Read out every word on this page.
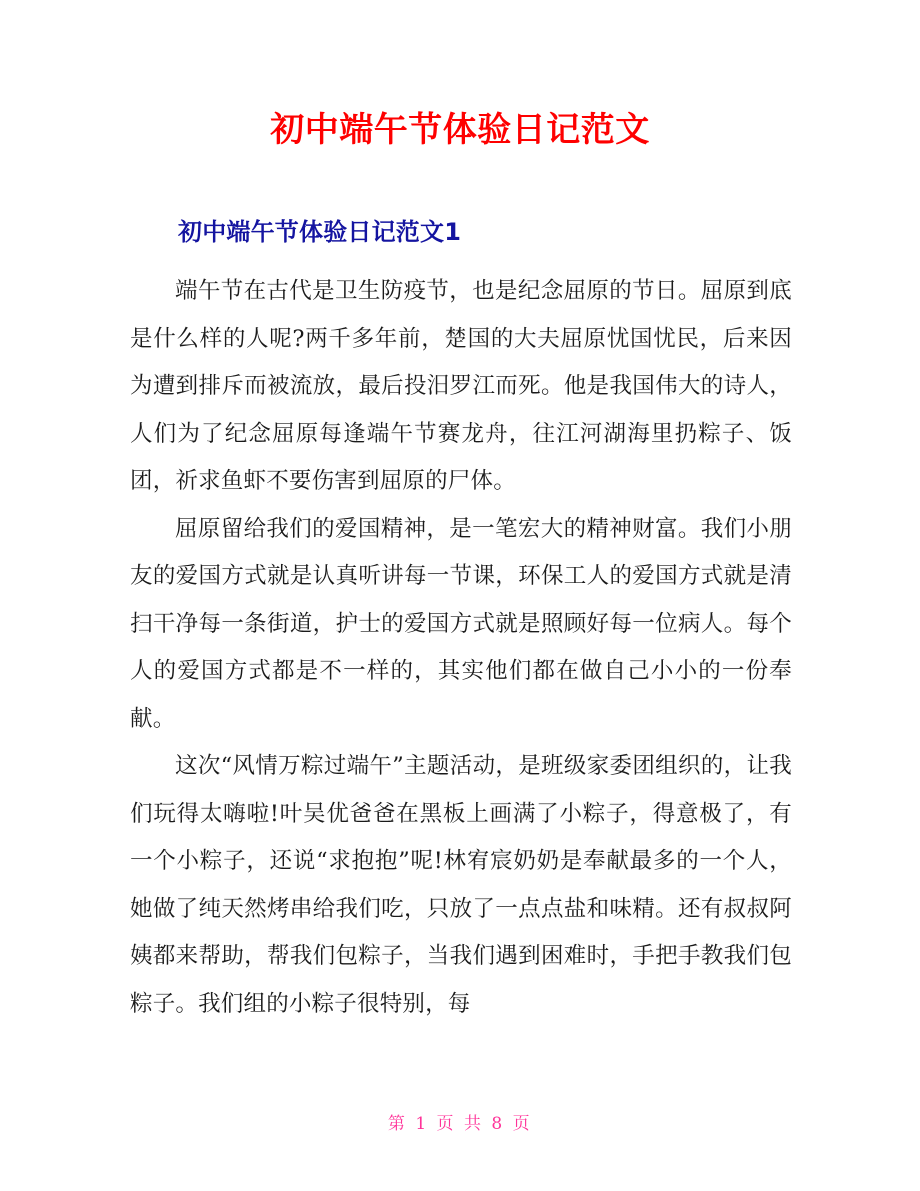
初中端午节体验日记范文
初中端午节体验日记范文1

端午节在古代是卫生防疫节，也是纪念屈原的节日。屈原到底是什么样的人呢?两千多年前，楚国的大夫屈原忧国忧民，后来因为遭到排斥而被流放，最后投汨罗江而死。他是我国伟大的诗人，人们为了纪念屈原每逢端午节赛龙舟，往江河湖海里扔粽子、饭团，祈求鱼虾不要伤害到屈原的尸体。

屈原留给我们的爱国精神，是一笔宏大的精神财富。我们小朋友的爱国方式就是认真听讲每一节课，环保工人的爱国方式就是清扫干净每一条街道，护士的爱国方式就是照顾好每一位病人。每个人的爱国方式都是不一样的，其实他们都在做自己小小的一份奉献。

这次“风情万粽过端午”主题活动，是班级家委团组织的，让我们玩得太嗨啦!叶吴优爸爸在黑板上画满了小粽子，得意极了，有一个小粽子，还说“求抱抱”呢!林宥宸奶奶是奉献最多的一个人，她做了纯天然烤串给我们吃，只放了一点点盐和味精。还有叔叔阿姨都来帮助，帮我们包粽子，当我们遇到困难时，手把手教我们包粽子。我们组的小粽子很特别，每

第 1 页 共 8 页
